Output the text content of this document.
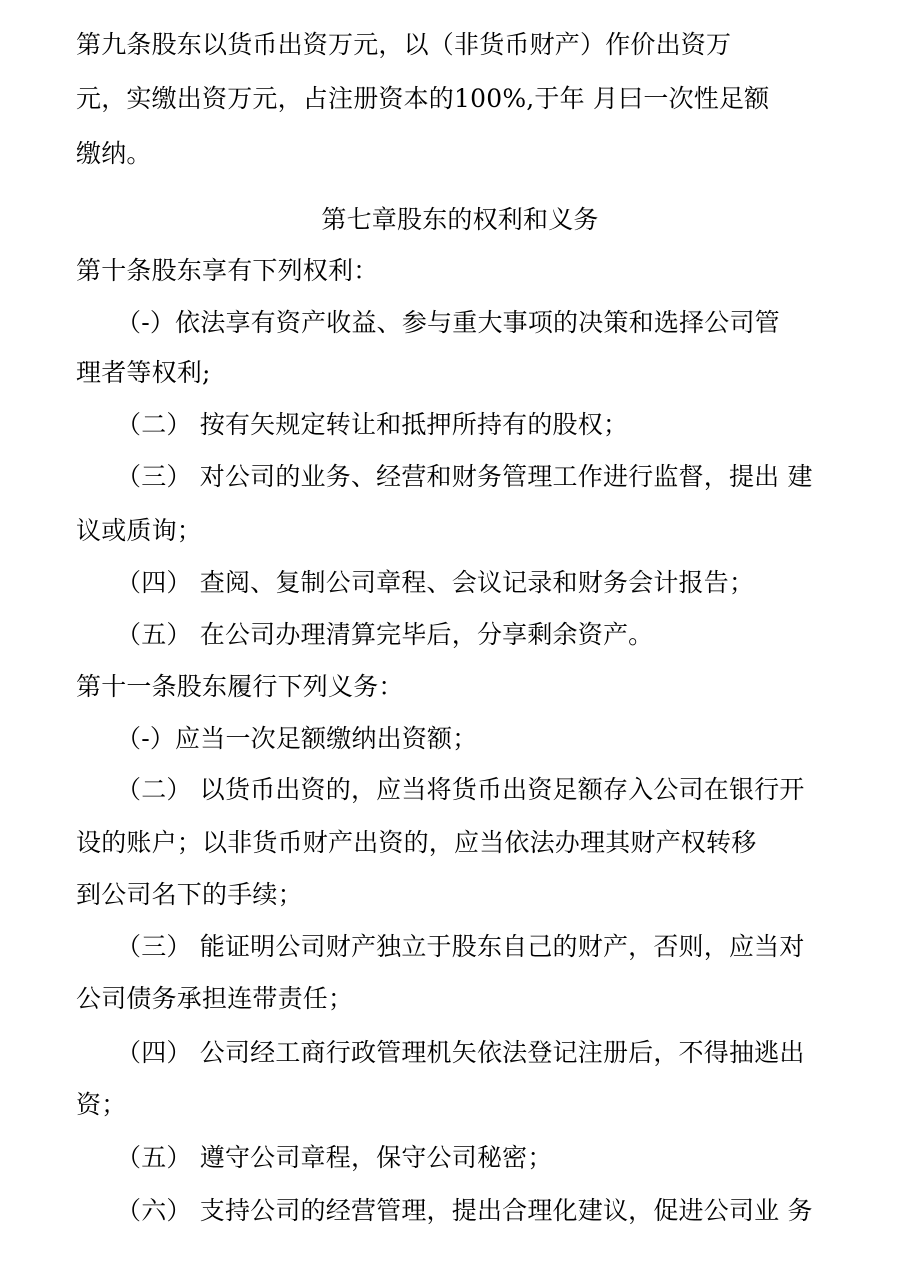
第九条股东以货币出资万元，以（非货币财产）作价出资万
元，实缴出资万元，占注册资本的100%,于年 月曰一次性足额
缴纳。
第七章股东的权利和义务
第十条股东享有下列权利：
（-）依法享有资产收益、参与重大事项的决策和选择公司管
理者等权利;
（二） 按有矢规定转让和抵押所持有的股权；
（三） 对公司的业务、经营和财务管理工作进行监督，提出 建
议或质询；
（四） 查阅、复制公司章程、会议记录和财务会计报告；
（五） 在公司办理清算完毕后，分享剩余资产。
第十一条股东履行下列义务：
（-）应当一次足额缴纳出资额；
（二） 以货币出资的，应当将货币出资足额存入公司在银行开
设的账户；以非货币财产出资的，应当依法办理其财产权转移
到公司名下的手续；
（三） 能证明公司财产独立于股东自己的财产，否则，应当对
公司债务承担连带责任；
（四） 公司经工商行政管理机矢依法登记注册后，不得抽逃出
资；
（五） 遵守公司章程，保守公司秘密；
（六） 支持公司的经营管理，提出合理化建议，促进公司业 务
